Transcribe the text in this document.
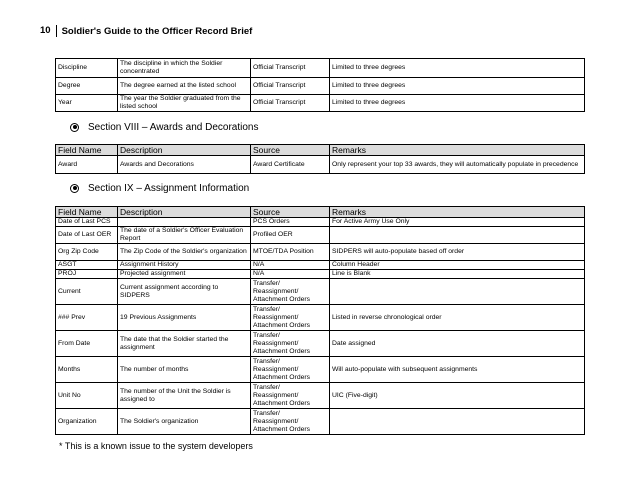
10	Soldier's Guide to the Officer Record Brief
Discipline	The discipline in which the Soldier concentrated	Official Transcript	Limited to three degrees
Degree	The degree earned at the listed school	Official Transcript	Limited to three degrees
Year	The year the Soldier graduated from the listed school	Official Transcript	Limited to three degrees
Section VIII – Awards and Decorations
Field Name	Description	Source	Remarks
Award	Awards and Decorations	Award Certificate	Only represent your top 33 awards, they will automatically populate in precedence
Section IX – Assignment Information
Field Name	Description	Source	Remarks
Date of Last PCS		PCS Orders	For Active Army Use Only
Date of Last OER	The date of a Soldier's Officer Evaluation Report	Profiled OER	
Org Zip Code	The Zip Code of the Soldier's organization	MTOE/TDA Position	SIDPERS will auto-populate based off order
ASGT	Assignment History	N/A	Column Header
PROJ	Projected assignment	N/A	Line is Blank
Current	Current assignment according to SIDPERS	Transfer/ Reassignment/ Attachment Orders	
### Prev	19 Previous Assignments	Transfer/ Reassignment/ Attachment Orders	Listed in reverse chronological order
From Date	The date that the Soldier started the assignment	Transfer/ Reassignment/ Attachment Orders	Date assigned
Months	The number of months	Transfer/ Reassignment/ Attachment Orders	Will auto-populate with subsequent assignments
Unit No	The number of the Unit the Soldier is assigned to	Transfer/ Reassignment/ Attachment Orders	UIC (Five-digit)
Organization	The Soldier's organization	Transfer/ Reassignment/ Attachment Orders	
* This is a known issue to the system developers
